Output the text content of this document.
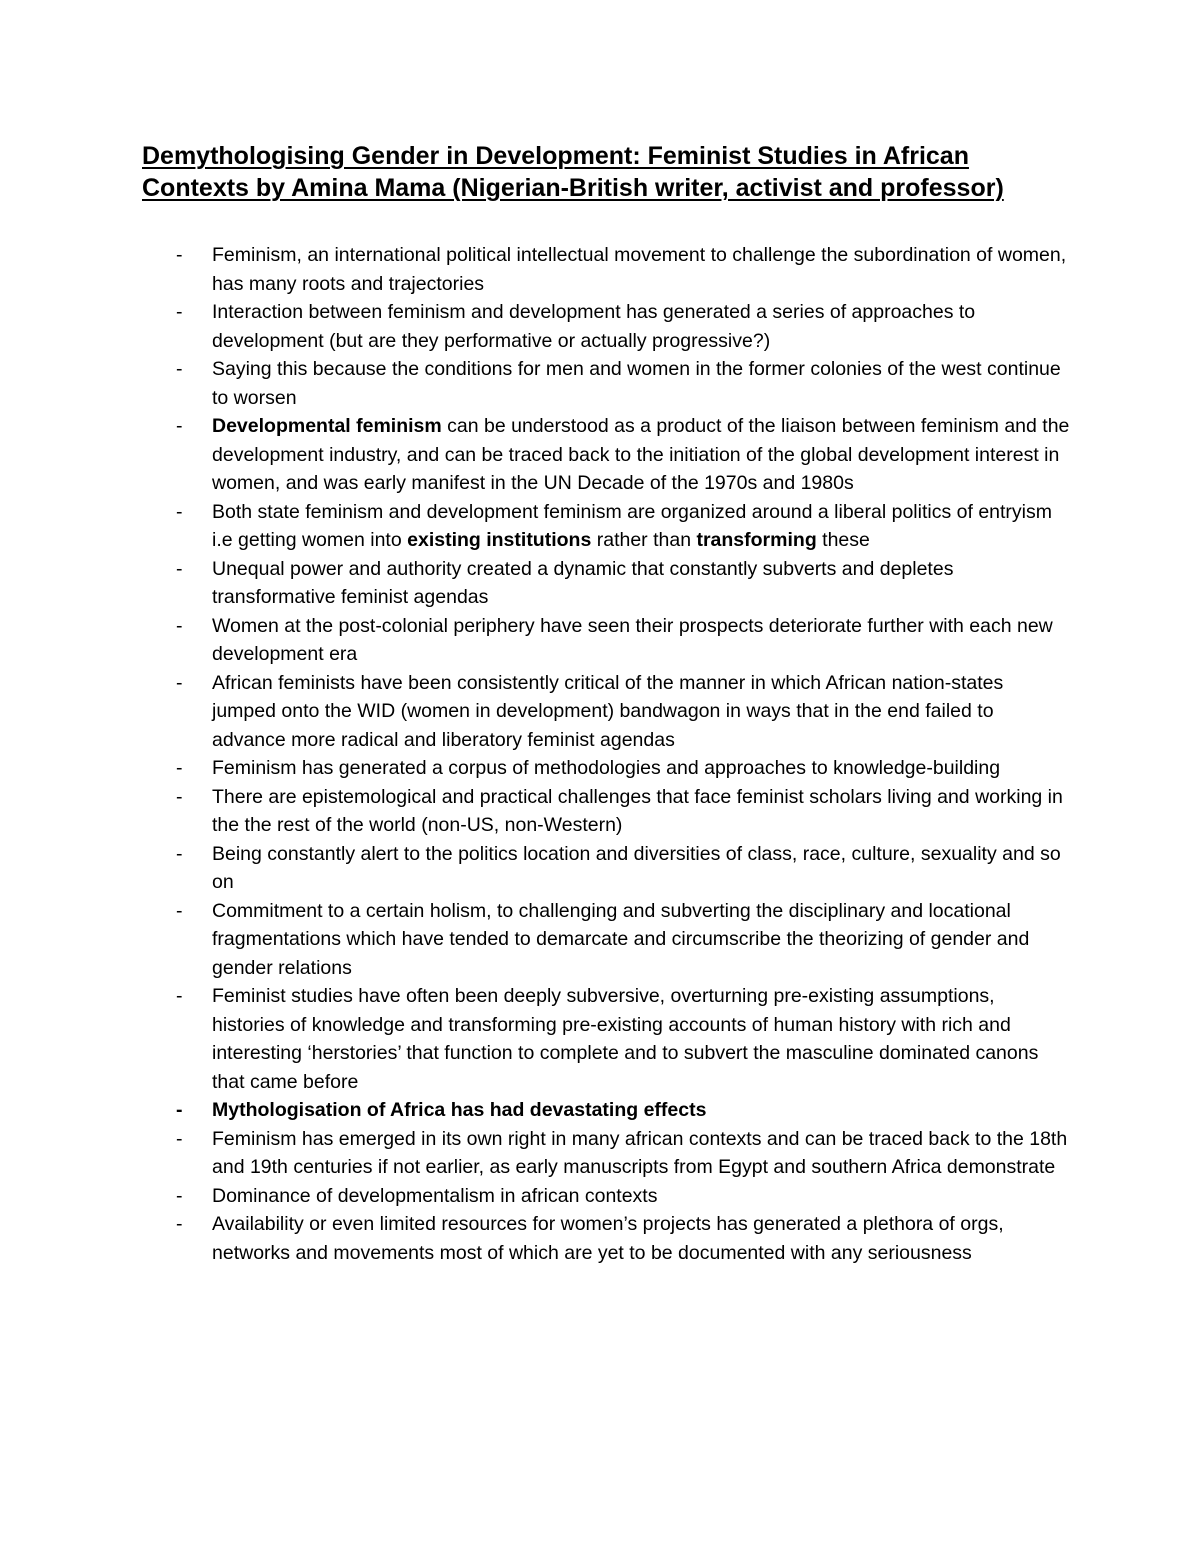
Demythologising Gender in Development: Feminist Studies in African Contexts by Amina Mama (Nigerian-British writer, activist and professor)
- Feminism, an international political intellectual movement to challenge the subordination of women, has many roots and trajectories
- Interaction between feminism and development has generated a series of approaches to development (but are they performative or actually progressive?)
- Saying this because the conditions for men and women in the former colonies of the west continue to worsen
- Developmental feminism can be understood as a product of the liaison between feminism and the development industry, and can be traced back to the initiation of the global development interest in women, and was early manifest in the UN Decade of the 1970s and 1980s
- Both state feminism and development feminism are organized around a liberal politics of entryism i.e getting women into existing institutions rather than transforming these
- Unequal power and authority created a dynamic that constantly subverts and depletes transformative feminist agendas
- Women at the post-colonial periphery have seen their prospects deteriorate further with each new development era
- African feminists have been consistently critical of the manner in which African nation-states jumped onto the WID (women in development) bandwagon in ways that in the end failed to advance more radical and liberatory feminist agendas
- Feminism has generated a corpus of methodologies and approaches to knowledge-building
- There are epistemological and practical challenges that face feminist scholars living and working in the the rest of the world (non-US, non-Western)
- Being constantly alert to the politics location and diversities of class, race, culture, sexuality and so on
- Commitment to a certain holism, to challenging and subverting the disciplinary and locational fragmentations which have tended to demarcate and circumscribe the theorizing of gender and gender relations
- Feminist studies have often been deeply subversive, overturning pre-existing assumptions, histories of knowledge and transforming pre-existing accounts of human history with rich and interesting ‘herstories’ that function to complete and to subvert the masculine dominated canons that came before
- Mythologisation of Africa has had devastating effects
- Feminism has emerged in its own right in many african contexts and can be traced back to the 18th and 19th centuries if not earlier, as early manuscripts from Egypt and southern Africa demonstrate
- Dominance of developmentalism in african contexts
- Availability or even limited resources for women’s projects has generated a plethora of orgs, networks and movements most of which are yet to be documented with any seriousness
